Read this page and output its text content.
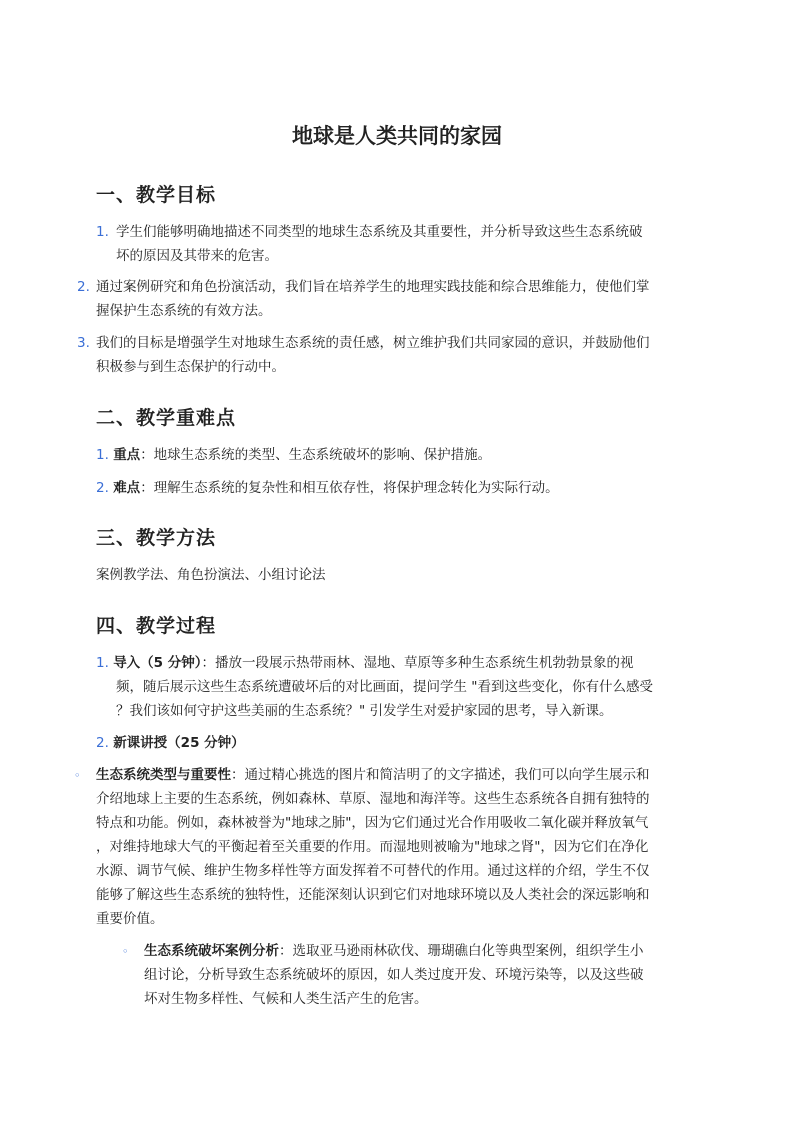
地球是人类共同的家园
一、教学目标
1. 学生们能够明确地描述不同类型的地球生态系统及其重要性，并分析导致这些生态系统破
坏的原因及其带来的危害。
2. 通过案例研究和角色扮演活动，我们旨在培养学生的地理实践技能和综合思维能力，使他们掌
握保护生态系统的有效方法。
3. 我们的目标是增强学生对地球生态系统的责任感，树立维护我们共同家园的意识，并鼓励他们
积极参与到生态保护的行动中。
二、教学重难点
1. 重点：地球生态系统的类型、生态系统破坏的影响、保护措施。
2. 难点：理解生态系统的复杂性和相互依存性，将保护理念转化为实际行动。
三、教学方法
案例教学法、角色扮演法、小组讨论法
四、教学过程
1. 导入（5 分钟）：播放一段展示热带雨林、湿地、草原等多种生态系统生机勃勃景象的视
频，随后展示这些生态系统遭破坏后的对比画面，提问学生 "看到这些变化，你有什么感受
？我们该如何守护这些美丽的生态系统？" 引发学生对爱护家园的思考，导入新课。
2. 新课讲授（25 分钟）
◦ 生态系统类型与重要性：通过精心挑选的图片和简洁明了的文字描述，我们可以向学生展示和
介绍地球上主要的生态系统，例如森林、草原、湿地和海洋等。这些生态系统各自拥有独特的
特点和功能。例如，森林被誉为"地球之肺"，因为它们通过光合作用吸收二氧化碳并释放氧气
，对维持地球大气的平衡起着至关重要的作用。而湿地则被喻为"地球之肾"，因为它们在净化
水源、调节气候、维护生物多样性等方面发挥着不可替代的作用。通过这样的介绍，学生不仅
能够了解这些生态系统的独特性，还能深刻认识到它们对地球环境以及人类社会的深远影响和
重要价值。
◦ 生态系统破坏案例分析：选取亚马逊雨林砍伐、珊瑚礁白化等典型案例，组织学生小
组讨论，分析导致生态系统破坏的原因，如人类过度开发、环境污染等，以及这些破
坏对生物多样性、气候和人类生活产生的危害。
